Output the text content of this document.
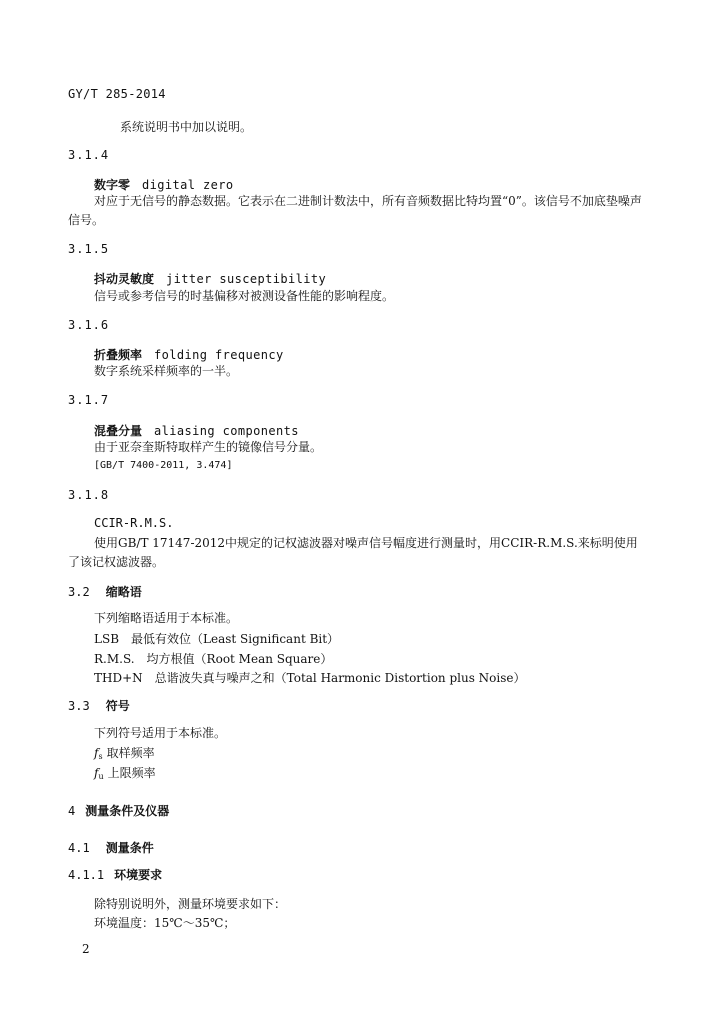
GY/T 285-2014
系统说明书中加以说明。
3.1.4
数字零 digital zero
对应于无信号的静态数据。它表示在二进制计数法中，所有音频数据比特均置“0”。该信号不加底垫噪声信号。
3.1.5
抖动灵敏度 jitter susceptibility
信号或参考信号的时基偏移对被测设备性能的影响程度。
3.1.6
折叠频率 folding frequency
数字系统采样频率的一半。
3.1.7
混叠分量 aliasing components
由于亚奈奎斯特取样产生的镜像信号分量。
[GB/T 7400-2011, 3.474]
3.1.8
CCIR-R.M.S.
使用GB/T 17147-2012中规定的记权滤波器对噪声信号幅度进行测量时，用CCIR-R.M.S.来标明使用了该记权滤波器。
3.2 缩略语
下列缩略语适用于本标准。
LSB　最低有效位（Least Significant Bit）
R.M.S.　均方根值（Root Mean Square）
THD+N　总谐波失真与噪声之和（Total Harmonic Distortion plus Noise）
3.3 符号
下列符号适用于本标准。
$f_s$ 取样频率
$f_u$ 上限频率
4 测量条件及仪器
4.1 测量条件
4.1.1 环境要求
除特别说明外，测量环境要求如下：
环境温度：15℃～35℃；
2
